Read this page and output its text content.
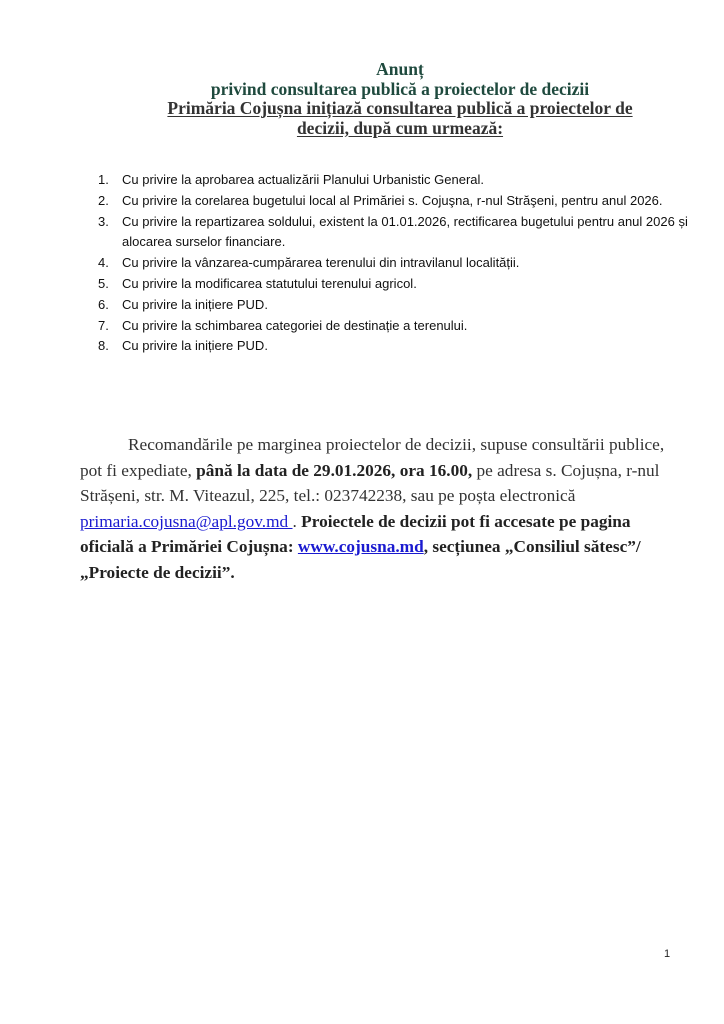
Anunț
privind consultarea publică a proiectelor de decizii
Primăria Cojușna inițiază consultarea publică a proiectelor de
decizii, după cum urmează:
1.	Cu privire la aprobarea actualizării Planului Urbanistic General.
2.	Cu privire la corelarea bugetului local al Primăriei s. Cojuşna, r-nul Străşeni, pentru anul 2026.
3.	Cu privire la repartizarea soldului, existent la 01.01.2026, rectificarea bugetului pentru anul 2026 și alocarea surselor financiare.
4.	Cu privire la vânzarea-cumpărarea terenului din intravilanul localității.
5.	Cu privire la modificarea statutului terenului agricol.
6.	Cu privire la inițiere PUD.
7.	Cu privire la schimbarea categoriei de destinație a terenului.
8.	Cu privire la inițiere PUD.

Recomandările pe marginea proiectelor de decizii, supuse consultării publice, pot fi expediate, până la data de 29.01.2026, ora 16.00, pe adresa s. Cojușna, r-nul Strășeni, str. M. Viteazul, 225, tel.: 023742238, sau pe poșta electronică primaria.cojusna@apl.gov.md . Proiectele de decizii pot fi accesate pe pagina oficială a Primăriei Cojușna: www.cojusna.md, secțiunea „Consiliul sătesc”/„Proiecte de decizii”.

1
